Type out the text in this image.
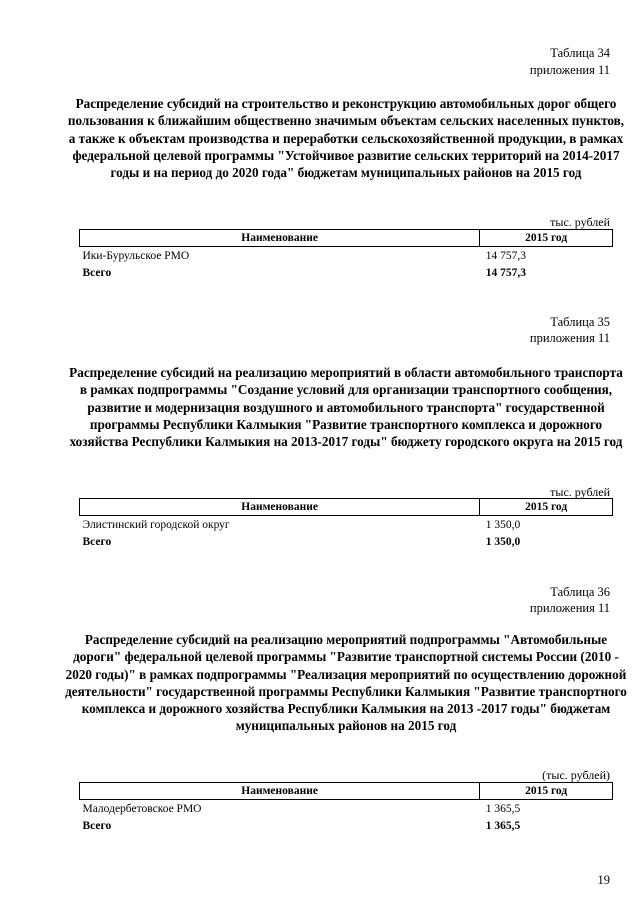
Таблица 34
приложения 11
Распределение субсидий на строительство и реконструкцию автомобильных дорог общего пользования к ближайшим общественно значимым объектам сельских населенных пунктов, а также к объектам производства и переработки сельскохозяйственной продукции, в рамках федеральной целевой программы "Устойчивое развитие сельских территорий на 2014-2017 годы и на период до 2020 года" бюджетам муниципальных районов на 2015 год
тыс. рублей
Наименование	2015 год
Ики-Бурульское РМО	14 757,3
Всего	14 757,3
Таблица 35
приложения 11
Распределение субсидий на реализацию мероприятий в области автомобильного транспорта в рамках подпрограммы "Создание условий для организации транспортного сообщения, развитие и модернизация воздушного и автомобильного транспорта" государственной программы Республики Калмыкия "Развитие транспортного комплекса и дорожного хозяйства Республики Калмыкия на 2013-2017 годы" бюджету городского округа на 2015 год
тыс. рублей
Наименование	2015 год
Элистинский городской округ	1 350,0
Всего	1 350,0
Таблица 36
приложения 11
Распределение субсидий на реализацию мероприятий подпрограммы "Автомобильные дороги" федеральной целевой программы "Развитие транспортной системы России (2010 - 2020 годы)" в рамках подпрограммы "Реализация мероприятий по осуществлению дорожной деятельности" государственной программы Республики Калмыкия "Развитие транспортного комплекса и дорожного хозяйства Республики Калмыкия на 2013 -2017 годы" бюджетам муниципальных районов на 2015 год
(тыс. рублей)
Наименование	2015 год
Малодербетовское РМО	1 365,5
Всего	1 365,5
19
